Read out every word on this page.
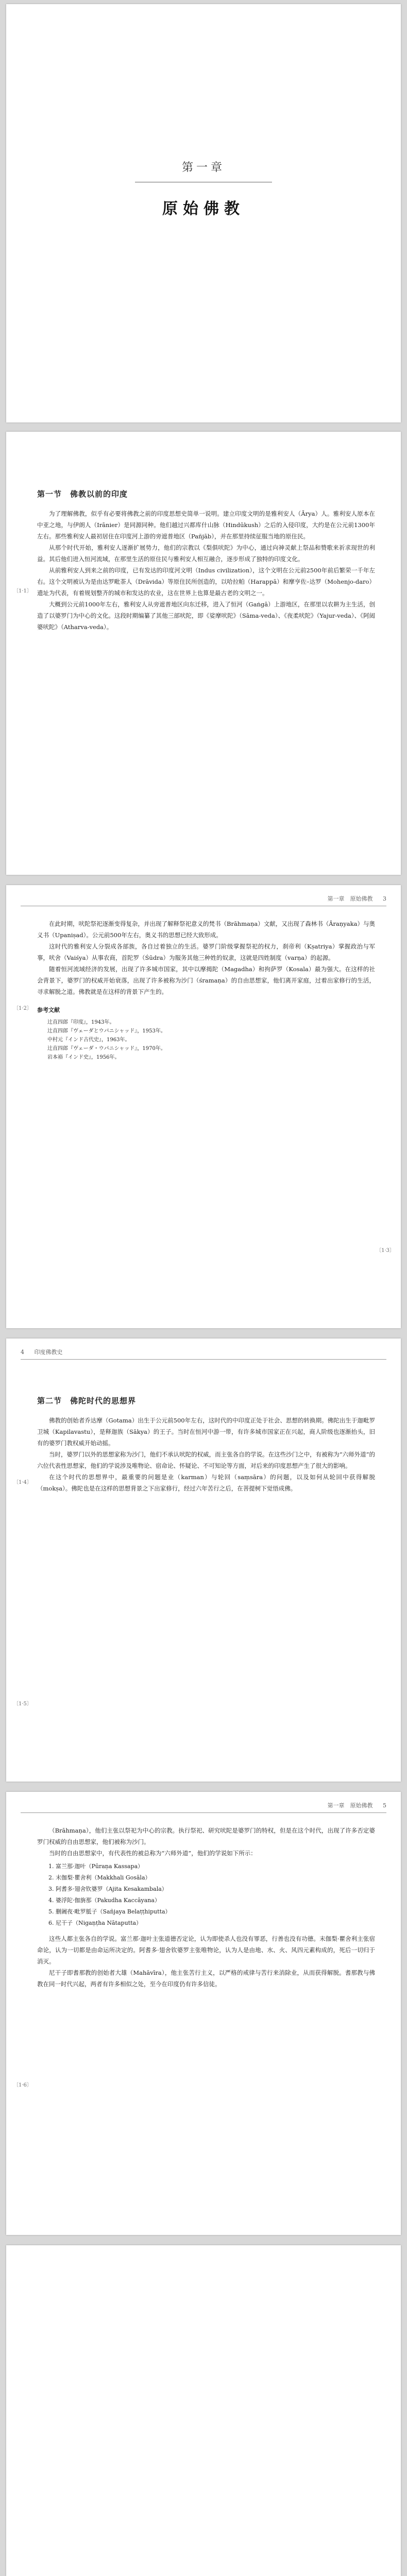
第一章
原始佛教
〔1·1〕
第一节　佛教以前的印度

为了理解佛教，似乎有必要将佛教之前的印度思想史简单一说明。建立印度文明的是雅利安人（Ārya）人。雅利安人原本在中亚之地，与伊朗人（Irānier）是同源同种。他们越过兴都库什山脉（Hindūkush）之后的入侵印度，大约是在公元前1300年左右。那些雅利安人最初居住在印度河上游的旁遮普地区（Pañjāb），并在那里持续征服当地的原住民。

从那个时代开始，雅利安人逐渐扩展势力，他们的宗教以《梨俱吠陀》为中心，通过向神灵献上祭品和赞歌来祈求现世的利益。其后他们进入恒河流域，在那里生活的原住民与雅利安人相互融合，逐步形成了独特的印度文化。

从前雅利安人到来之前的印度，已有发达的印度河文明（Indus civilization），这个文明在公元前2500年前后繁荣一千年左右。这个文明被认为是由达罗毗荼人（Drāvida）等原住民所创造的，以哈拉帕（Harappā）和摩亨佐–达罗（Mohenjo-daro）遗址为代表，有着规划整齐的城市和发达的农业，这在世界上也算是最古老的文明之一。

大概到公元前1000年左右，雅利安人从旁遮普地区向东迁移，进入了恒河（Gaṅgā）上游地区，在那里以农耕为主生活，创造了以婆罗门为中心的文化。这段时期编纂了其他三部吠陀，即《娑摩吠陀》（Sāma-veda）、《夜柔吠陀》（Yajur-veda）、《阿闼婆吠陀》（Atharva-veda）。

第一章　原始佛教 3
〔1·2〕
〔1·3〕

在此时期，吠陀祭祀逐渐变得复杂，并出现了解释祭祀意义的梵书（Brāhmaṇa）文献，又出现了森林书（Āraṇyaka）与奥义书（Upaniṣad）。公元前500年左右，奥义书的思想已经大致形成。

这时代的雅利安人分裂成各部族，各自过着独立的生活。婆罗门阶级掌握祭祀的权力，刹帝利（Kṣatriya）掌握政治与军事，吠舍（Vaiśya）从事农商，首陀罗（Śūdra）为服务其他三种姓的奴隶，这就是四姓制度（varṇa）的起源。

随着恒河流域经济的发展，出现了许多城市国家，其中以摩揭陀（Magadha）和拘萨罗（Kosala）最为强大。在这样的社会背景下，婆罗门的权威开始衰落，出现了许多被称为沙门（śramaṇa）的自由思想家，他们离开家庭，过着出家修行的生活，寻求解脱之道。佛教就是在这样的背景下产生的。

参考文献
辻直四郎『印度』，1943年。
辻直四郎『ヴェーダとウパニシャッド』，1953年。
中村元『インド古代史』，1963年。
辻直四郎『ヴェーダ・ウパニシャッド』，1970年。
岩本裕『インド史』，1956年。
4 印度佛教史
〔1·4〕
〔1·5〕
第二节　佛陀时代的思想界

佛教的创始者乔达摩（Gotama）出生于公元前500年左右，这时代的中印度正处于社会、思想的转换期。佛陀出生于迦毗罗卫城（Kapilavastu），是释迦族（Sākya）的王子。当时在恒河中游一带，有许多城市国家正在兴起，商人阶级也逐渐抬头，旧有的婆罗门教权威开始动摇。

当时，婆罗门以外的思想家称为沙门，他们不承认吠陀的权威，而主张各自的学说。在这些沙门之中，有被称为“六师外道”的六位代表性思想家，他们的学说涉及唯物论、宿命论、怀疑论、不可知论等方面，对后来的印度思想产生了很大的影响。

在这个时代的思想界中，最重要的问题是业（karman）与轮回（saṃsāra）的问题，以及如何从轮回中获得解脱（mokṣa）。佛陀也是在这样的思想背景之下出家修行，经过六年苦行之后，在菩提树下觉悟成佛。

第一章　原始佛教 5
〔1·6〕

（Brāhmaṇa），他们主张以祭祀为中心的宗教。执行祭祀、研究吠陀是婆罗门的特权，但是在这个时代，出现了许多否定婆罗门权威的自由思想家，他们被称为沙门。

当时的自由思想家中，有代表性的被总称为“六师外道”，他们的学说如下所示：

1. 富兰那·迦叶（Pūraṇa Kassapa）
2. 末伽梨·瞿舍利（Makkhali Gosāla）
3. 阿耆多·翅舍钦婆罗（Ajita Kesakambala）
4. 婆浮陀·伽旃那（Pakudha Kaccāyana）
5. 删阇夜·毗罗胝子（Sañjaya Belaṭṭhiputta）
6. 尼干子（Nigaṇṭha Nātaputta）

这些人都主张各自的学说。富兰那·迦叶主张道德否定论，认为即使杀人也没有罪恶，行善也没有功德。末伽梨·瞿舍利主张宿命论，认为一切都是由命运所决定的。阿耆多·翅舍钦婆罗主张唯物论，认为人是由地、水、火、风四元素构成的，死后一切归于消灭。

尼干子即耆那教的创始者大雄（Mahāvīra），他主张苦行主义，以严格的戒律与苦行来消除业，从而获得解脱。耆那教与佛教在同一时代兴起，两者有许多相似之处，至今在印度仍有许多信徒。
